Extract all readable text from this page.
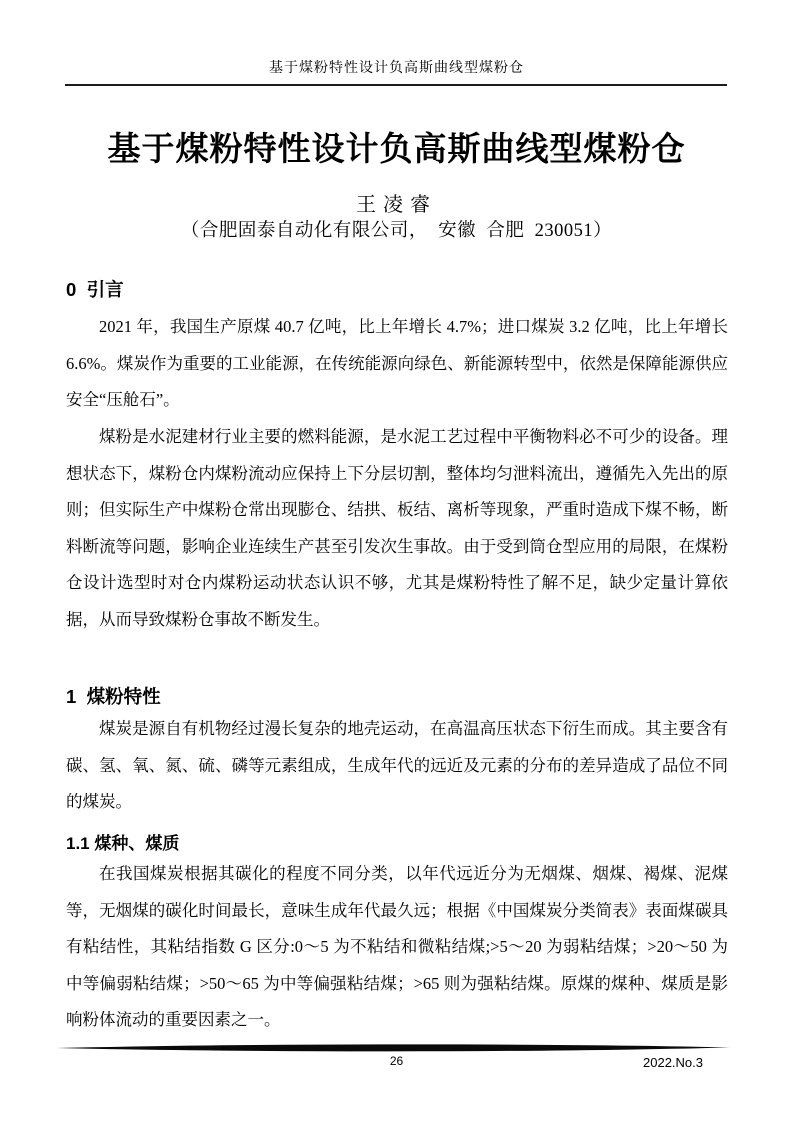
基于煤粉特性设计负高斯曲线型煤粉仓
基于煤粉特性设计负高斯曲线型煤粉仓
王凌睿
（合肥固泰自动化有限公司，  安徽  合肥  230051）
0  引言

2021 年，我国生产原煤 40.7 亿吨，比上年增长 4.7%；进口煤炭 3.2 亿吨，比上年增长 6.6%。煤炭作为重要的工业能源，在传统能源向绿色、新能源转型中，依然是保障能源供应安全“压舱石”。

煤粉是水泥建材行业主要的燃料能源，是水泥工艺过程中平衡物料必不可少的设备。理想状态下，煤粉仓内煤粉流动应保持上下分层切割，整体均匀泄料流出，遵循先入先出的原则；但实际生产中煤粉仓常出现膨仓、结拱、板结、离析等现象，严重时造成下煤不畅，断料断流等问题，影响企业连续生产甚至引发次生事故。由于受到筒仓型应用的局限，在煤粉仓设计选型时对仓内煤粉运动状态认识不够，尤其是煤粉特性了解不足，缺少定量计算依据，从而导致煤粉仓事故不断发生。

1  煤粉特性

煤炭是源自有机物经过漫长复杂的地壳运动，在高温高压状态下衍生而成。其主要含有碳、氢、氧、氮、硫、磷等元素组成，生成年代的远近及元素的分布的差异造成了品位不同的煤炭。

1.1 煤种、煤质

在我国煤炭根据其碳化的程度不同分类，以年代远近分为无烟煤、烟煤、褐煤、泥煤等，无烟煤的碳化时间最长，意味生成年代最久远；根据《中国煤炭分类简表》表面煤碳具有粘结性，其粘结指数 G 区分:0～5 为不粘结和微粘结煤;>5～20 为弱粘结煤；>20～50 为中等偏弱粘结煤；>50～65 为中等偏强粘结煤；>65 则为强粘结煤。原煤的煤种、煤质是影响粉体流动的重要因素之一。

26	2022.No.3
